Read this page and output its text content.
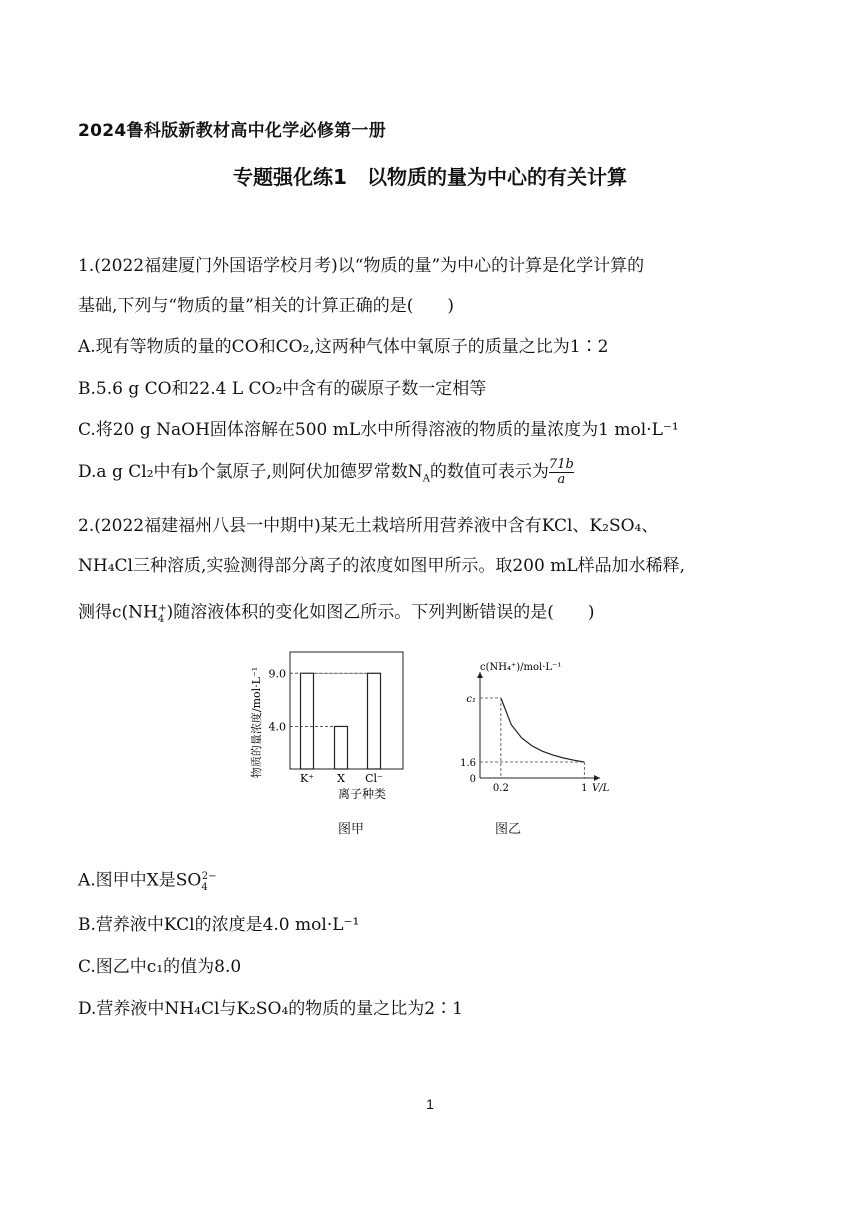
2024鲁科版新教材高中化学必修第一册
专题强化练1　以物质的量为中心的有关计算
1.(2022福建厦门外国语学校月考)以“物质的量”为中心的计算是化学计算的
基础,下列与“物质的量”相关的计算正确的是(　　)
A.现有等物质的量的CO和CO₂,这两种气体中氧原子的质量之比为1∶2
B.5.6 g CO和22.4 L CO₂中含有的碳原子数一定相等
C.将20 g NaOH固体溶解在500 mL水中所得溶液的物质的量浓度为1 mol·L⁻¹
D.a g Cl₂中有b个氯原子,则阿伏加德罗常数$N_A$的数值可表示为 $\frac{71b}{a}$
2.(2022福建福州八县一中期中)某无土栽培所用营养液中含有KCl、K₂SO₄、
NH₄Cl三种溶质,实验测得部分离子的浓度如图甲所示。取200 mL样品加水稀释,
测得$c(NH_4^+)$随溶液体积的变化如图乙所示。下列判断错误的是(　　)
K⁺ X Cl⁻
9.0
4.0
离子种类
物质的量浓度/mol·L⁻¹
图甲
c₁
1.6
0
0.2	1 V/L
c(NH₄⁺)/mol·L⁻¹
图乙
A.图甲中X是$SO_4^{2-}$
B.营养液中KCl的浓度是4.0 mol·L⁻¹
C.图乙中c₁的值为8.0
D.营养液中NH₄Cl与K₂SO₄的物质的量之比为2∶1
1
